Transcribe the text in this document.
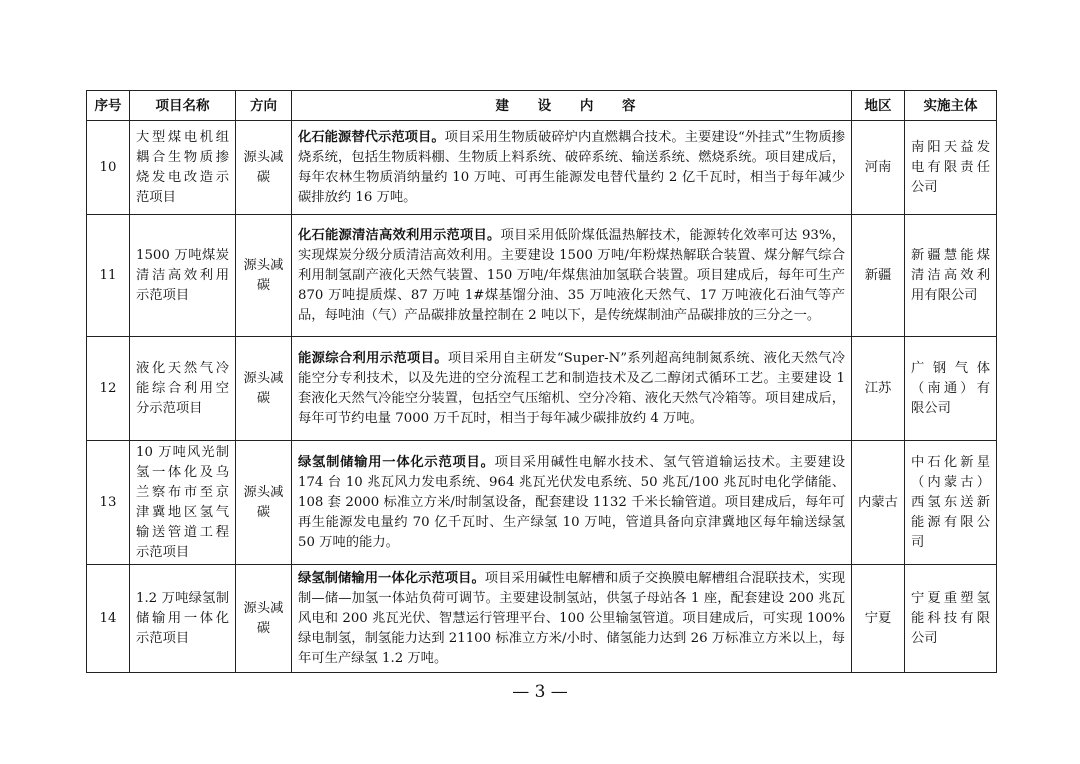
序号	项目名称	方向	建 设 内 容	地区	实施主体
10	大型煤电机组耦合生物质掺烧发电改造示范项目	源头减碳	化石能源替代示范项目。项目采用生物质破碎炉内直燃耦合技术。主要建设“外挂式”生物质掺烧系统，包括生物质料棚、生物质上料系统、破碎系统、输送系统、燃烧系统。项目建成后，每年农林生物质消纳量约 10 万吨、可再生能源发电替代量约 2 亿千瓦时，相当于每年减少碳排放约 16 万吨。	河南	南阳天益发电有限责任公司
11	1500 万吨煤炭清洁高效利用示范项目	源头减碳	化石能源清洁高效利用示范项目。项目采用低阶煤低温热解技术，能源转化效率可达 93%，实现煤炭分级分质清洁高效利用。主要建设 1500 万吨/年粉煤热解联合装置、煤分解气综合利用制氢副产液化天然气装置、150 万吨/年煤焦油加氢联合装置。项目建成后，每年可生产 870 万吨提质煤、87 万吨 1#煤基馏分油、35 万吨液化天然气、17 万吨液化石油气等产品，每吨油（气）产品碳排放量控制在 2 吨以下，是传统煤制油产品碳排放的三分之一。	新疆	新疆慧能煤清洁高效利用有限公司
12	液化天然气冷能综合利用空分示范项目	源头减碳	能源综合利用示范项目。项目采用自主研发“Super-N”系列超高纯制氮系统、液化天然气冷能空分专利技术，以及先进的空分流程工艺和制造技术及乙二醇闭式循环工艺。主要建设 1 套液化天然气冷能空分装置，包括空气压缩机、空分冷箱、液化天然气冷箱等。项目建成后，每年可节约电量 7000 万千瓦时，相当于每年减少碳排放约 4 万吨。	江苏	广钢气体（南通）有限公司
13	10 万吨风光制氢一体化及乌兰察布市至京津冀地区氢气输送管道工程示范项目	源头减碳	绿氢制储输用一体化示范项目。项目采用碱性电解水技术、氢气管道输运技术。主要建设 174 台 10 兆瓦风力发电系统、964 兆瓦光伏发电系统、50 兆瓦/100 兆瓦时电化学储能、108 套 2000 标准立方米/时制氢设备，配套建设 1132 千米长输管道。项目建成后，每年可再生能源发电量约 70 亿千瓦时、生产绿氢 10 万吨，管道具备向京津冀地区每年输送绿氢 50 万吨的能力。	内蒙古	中石化新星（内蒙古）西氢东送新能源有限公司
14	1.2 万吨绿氢制储输用一体化示范项目	源头减碳	绿氢制储输用一体化示范项目。项目采用碱性电解槽和质子交换膜电解槽组合混联技术，实现制—储—加氢一体站负荷可调节。主要建设制氢站，供氢子母站各 1 座，配套建设 200 兆瓦风电和 200 兆瓦光伏、智慧运行管理平台、100 公里输氢管道。项目建成后，可实现 100%绿电制氢，制氢能力达到 21100 标准立方米/小时、储氢能力达到 26 万标准立方米以上，每年可生产绿氢 1.2 万吨。	宁夏	宁夏重塑氢能科技有限公司
— 3 —
